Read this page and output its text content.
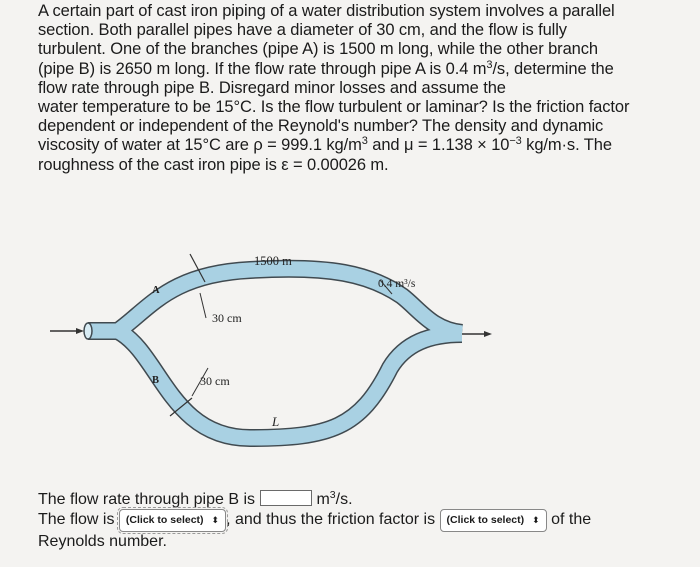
A certain part of cast iron piping of a water distribution system involves a parallel
section. Both parallel pipes have a diameter of 30 cm, and the flow is fully
turbulent. One of the branches (pipe A) is 1500 m long, while the other branch
(pipe B) is 2650 m long. If the flow rate through pipe A is 0.4 $m^3/s$, determine the
flow rate through pipe B. Disregard minor losses and assume the
water temperature to be 15°C. Is the flow turbulent or laminar? Is the friction factor
dependent or independent of the Reynold's number? The density and dynamic
viscosity of water at 15°C are ρ = 999.1 $kg/m^3$ and $\mu = 1.138 \times 10^{-3}$ kg/m·s. The
roughness of the cast iron pipe is ε = 0.00026 m.
1500 m
0.4 m³/s
A
30 cm
B	30 cm
L
The flow rate through pipe B is	$m^3/s$.
The flow is (Click to select) ⬍ , and thus the friction factor is (Click to select) ⬍ of the
Reynolds number.
